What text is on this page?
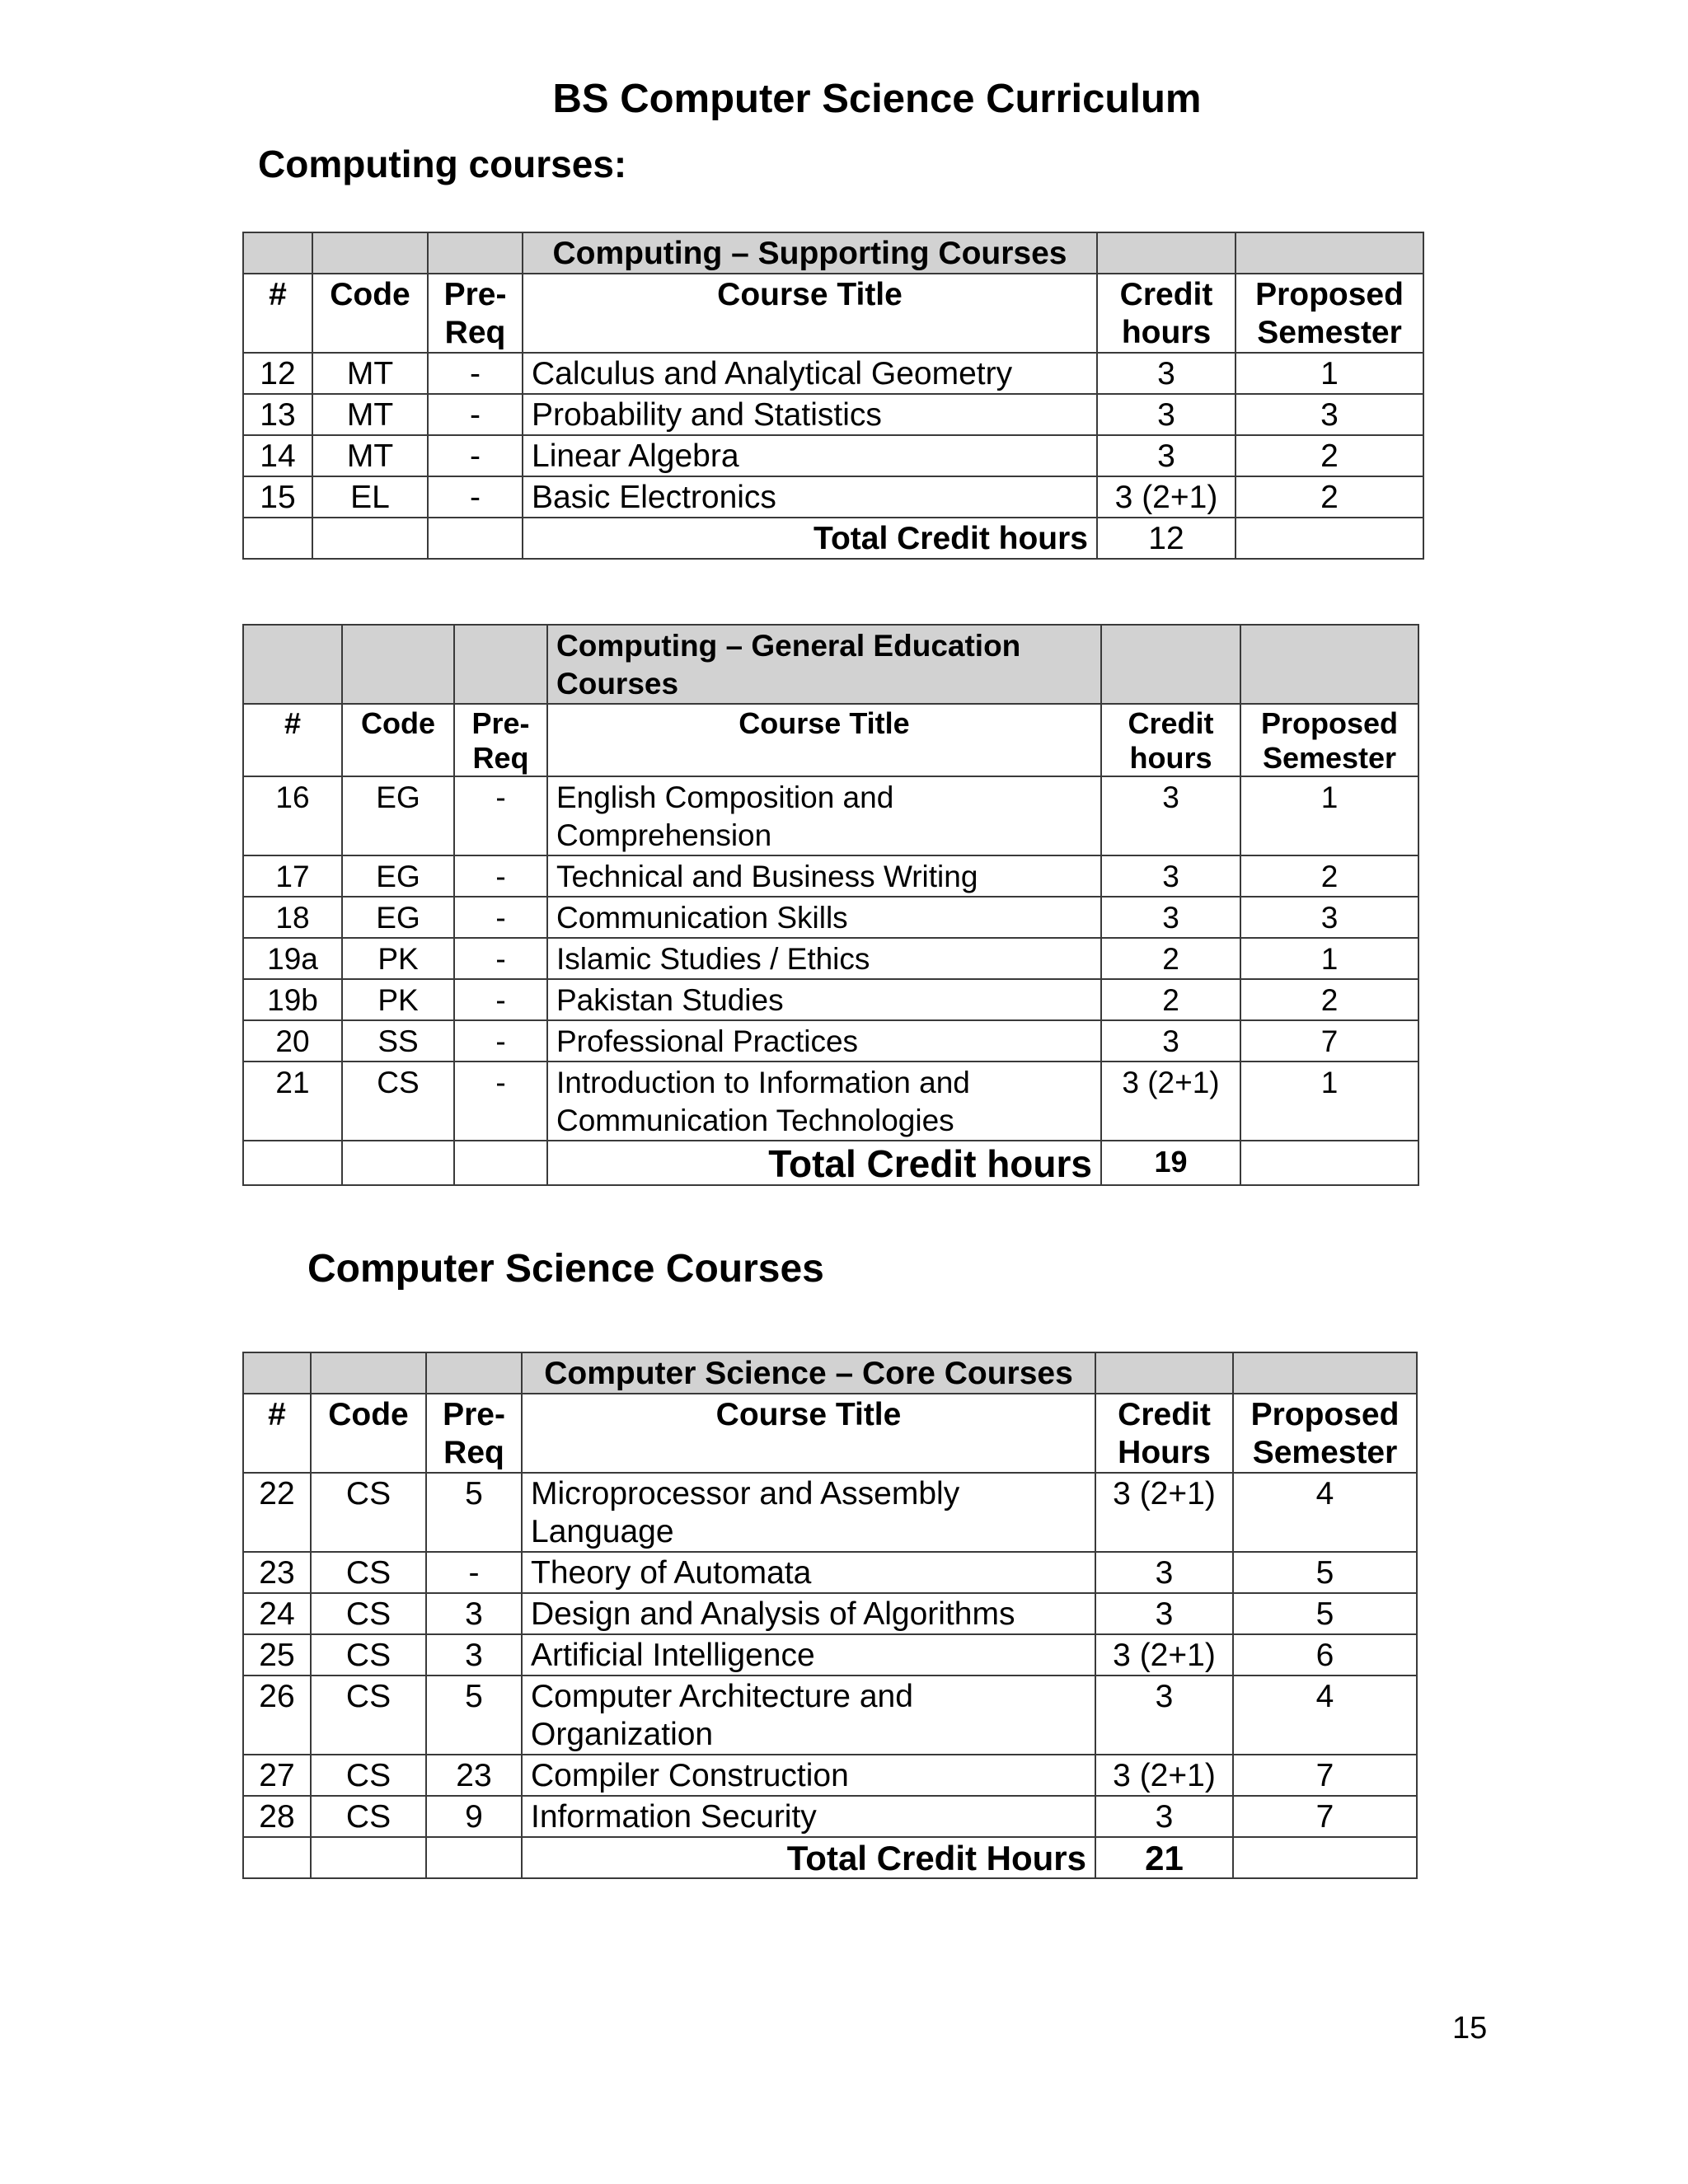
BS Computer Science Curriculum
Computing courses:
			Computing – Supporting Courses		
#	Code	Pre- Req	Course Title	Credit hours	Proposed Semester
12	MT	-	Calculus and Analytical Geometry	3	1
13	MT	-	Probability and Statistics	3	3
14	MT	-	Linear Algebra	3	2
15	EL	-	Basic Electronics	3 (2+1)	2
			Total Credit hours	12	
			Computing – General Education Courses		
#	Code	Pre- Req	Course Title	Credit hours	Proposed Semester
16	EG	-	English Composition and Comprehension	3	1
17	EG	-	Technical and Business Writing	3	2
18	EG	-	Communication Skills	3	3
19a	PK	-	Islamic Studies / Ethics	2	1
19b	PK	-	Pakistan Studies	2	2
20	SS	-	Professional Practices	3	7
21	CS	-	Introduction to Information and Communication Technologies	3 (2+1)	1
			Total Credit hours	19	
Computer Science Courses
			Computer Science – Core Courses		
#	Code	Pre- Req	Course Title	Credit Hours	Proposed Semester
22	CS	5	Microprocessor and Assembly Language	3 (2+1)	4
23	CS	-	Theory of Automata	3	5
24	CS	3	Design and Analysis of Algorithms	3	5
25	CS	3	Artificial Intelligence	3 (2+1)	6
26	CS	5	Computer Architecture and Organization	3	4
27	CS	23	Compiler Construction	3 (2+1)	7
28	CS	9	Information Security	3	7
			Total Credit Hours	21	
15
